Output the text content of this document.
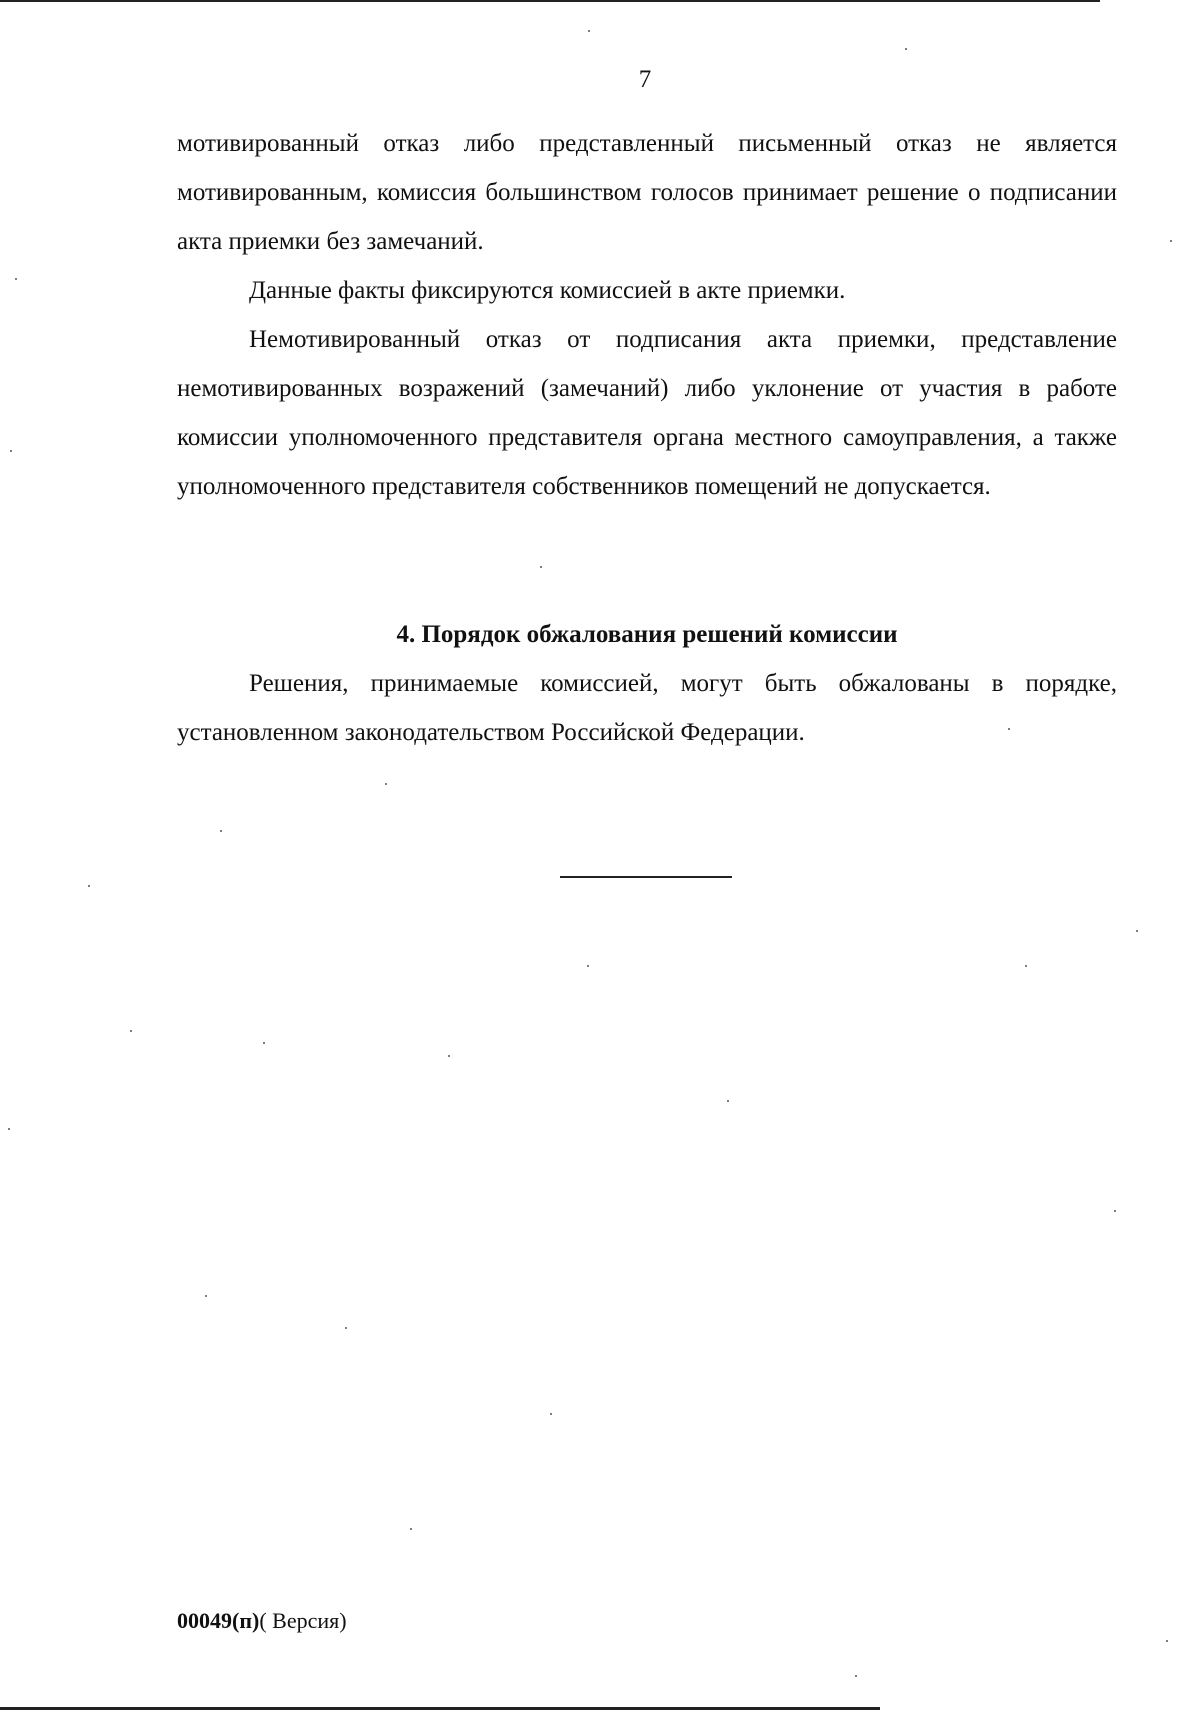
7

мотивированный отказ либо представленный письменный отказ не является мотивированным, комиссия большинством голосов принимает решение о подписании акта приемки без замечаний.

Данные факты фиксируются комиссией в акте приемки.

Немотивированный отказ от подписания акта приемки, представление немотивированных возражений (замечаний) либо уклонение от участия в работе комиссии уполномоченного представителя органа местного самоуправления, а также уполномоченного представителя собственников помещений не допускается.

4. Порядок обжалования решений комиссии

Решения, принимаемые комиссией, могут быть обжалованы в порядке, установленном законодательством Российской Федерации.

00049(п)( Версия)
